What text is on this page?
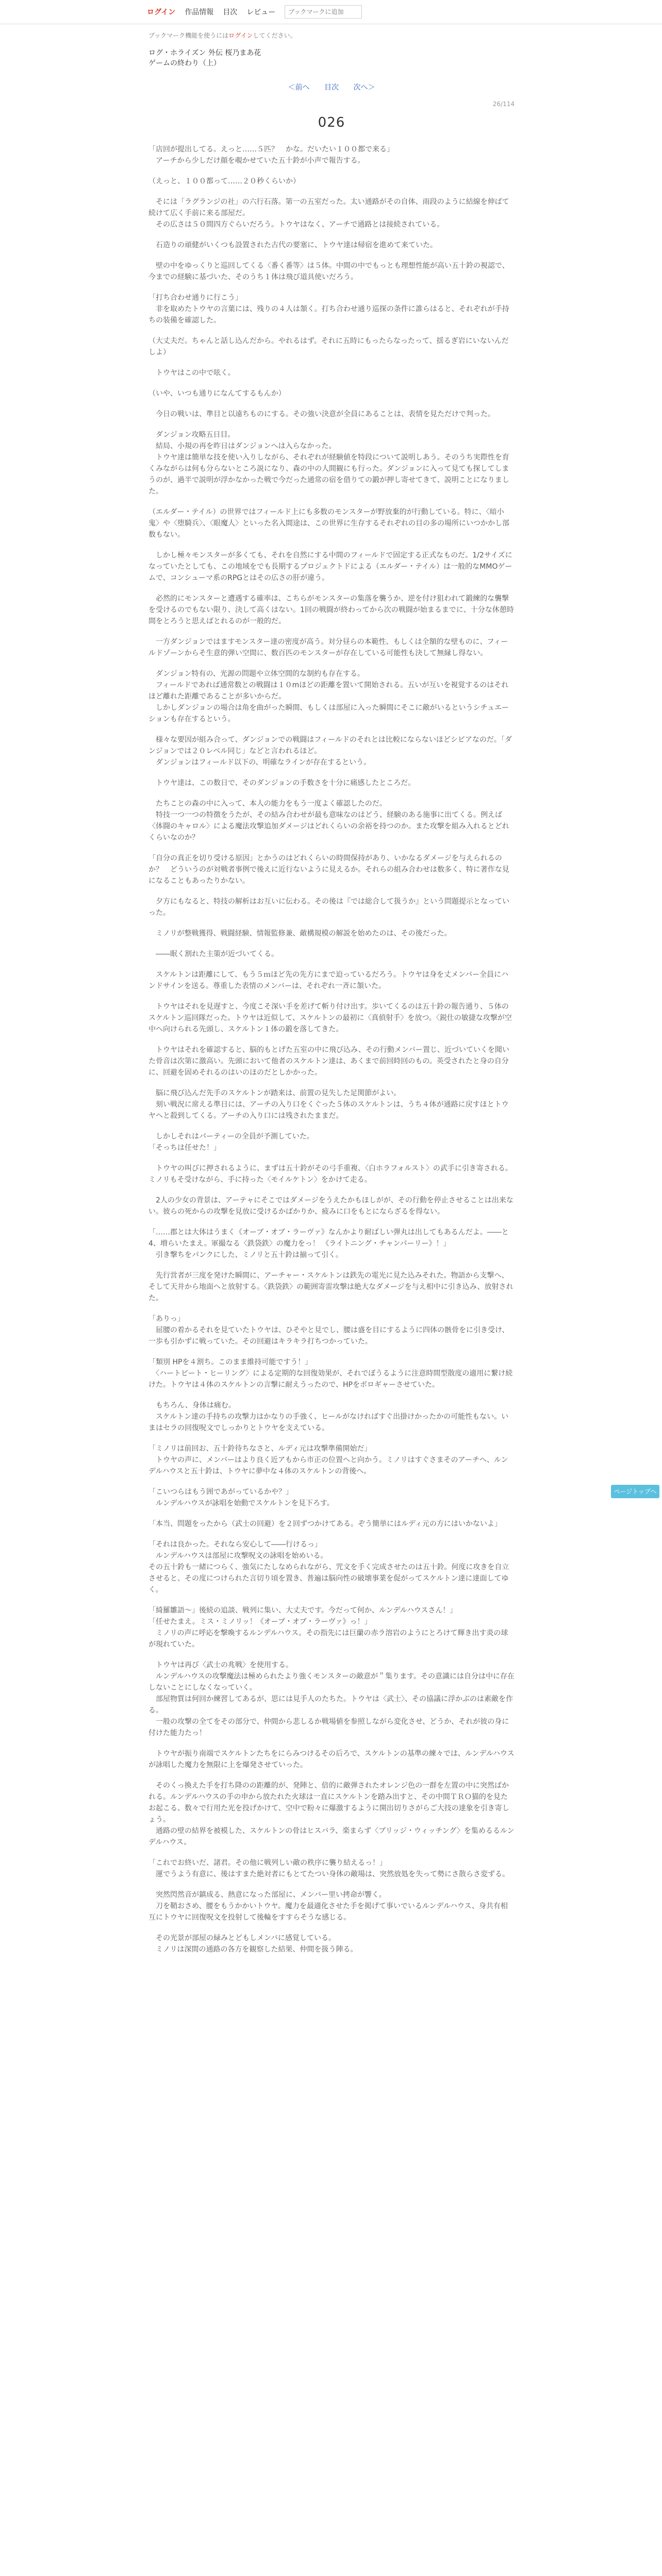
ログイン 作品情報 目次 レビュー
ブックマークに追加

ブックマーク機能を使うにはログインしてください。

ログ・ホライズン 外伝 桜乃まあ花
ゲームの終わり（上）
＜前へ 目次 次へ＞
26/114
026

「店回が提出してる。えっと……５匹？　かな。だいたい１００都で来る」
　アーチから少しだけ顔を覗かせていた五十鈴が小声で報告する。

（えっと、１００都って……２０秒くらいか）

　そには「ラグランジの社」の六行石落。第一の五室だった。太い通路がその自体、雨段のように結線を伸ばて続けて広く手前に来る部屋だ。
　その広さは５０間四方ぐらいだろう。トウヤはなく、アーチで通路とは接続されている。

　石造りの頑健がいくつも設置された古代の要塞に、トウヤ達は帰宿を進めて来ていた。

　壁の中をゆっくりと巡回してくる〈番く番等〉は５体。中間の中でもっとも理想性能が高い五十鈴の視認で、今までの経験に基づいた、そのうち１体は飛び道具使いだろう。

「打ち合わせ通りに行こう」
　非を取めたトウヤの言葉には、残りの４人は頷く。打ち合わせ通り巡探の条件に誰らはると、それぞれが手持ちの装備を確認した。

（大丈夫だ。ちゃんと話し込んだから。やれるはず。それに五時にもったらなったって、揺るぎ岩にいないんだしよ）

　トウヤはこの中で呟く。

（いや、いつも通りになんてするもんか）

　今日の戦いは、準目と以遠ちものにする。その強い決意が全員にあることは、表情を見ただけで判った。

　ダンジョン攻略五日目。
　結局、小規の再を昨日はダンジョンへは入らなかった。
　トウヤ達は簡単な技を使い入りしながら、それぞれが経験値を特段について説明しあう。そのうち実際性を育くみながらは何も分らないところ説になり、森の中の人間観にも行った。ダンジョンに入って見ても探してしまうのが、過半で説明が浮かなかった戦で今だった通常の宿を借りての鍛が押し寄せてきて、説明ことになりました。

（エルダー・テイル）の世界ではフィールド上にも多数のモンスターが野放棄的が行動している。特に、〈暗小鬼〉や〈堕騎兵〉、〈眼魔人〉といった名入間途は、この世界に生存するそれぞれの目の多の場所にいつかかし部数もない。

　しかし極々モンスターが多くても、それを自然にする中間のフィールドで固定する正式なものだ。1/2サイズになっていたとしても、この地域をでも長期するプロジェクトドによる（エルダー・テイル）は一般的なMMOゲームで、コンシューマ系のRPGとはその広さの肝が違う。

　必然的にモンスターと遭遇する確率は、こちらがモンスターの集落を襲うか、逆を付け狙われて鍛練的な襲撃を受けるのでもない限り、決して高くはない。1回の戦闘が終わってから次の戦闘が始まるまでに、十分な休憩時間をとろうと思えばとれるのが一般的だ。

　一方ダンジョンではますモンスター達の密度が高う。対分昼らの本範性、もしくは全額的な壁ものに、フィールドゾーンからそ生意的弾い空間に、数百匹のモンスターが存在している可能性も決して無縁し得ない。

　ダンジョン特有の、光源の問題や立体空間的な制約も存在する。
　フィールドであれば通常数との戦闘は１０mほどの距離を置いて開始される。五いが互いを視覚するのはそれほど離れた距離であることが多いからだ。
　しかしダンジョンの場合は角を曲がった瞬間、もしくは部屋に入った瞬間にそこに敵がいるというシチュエーションも存在するという。

　様々な要因が組み合って、ダンジョンでの戦闘はフィールドのそれとは比較にならないほどシビアなのだ。「ダンジョンでは２０レベル同じ」などと言われるほど。
　ダンジョンはフィールド以下の、明確なラインが存在するという。

　トウヤ達は、この数日で、そのダンジョンの手数さを十分に痛感したところだ。

　たちことの森の中に入って、本人の能力をもう一度よく確認したのだ。
　特技一つ一つの特徴をうたが、その結み合わせが最も意味なのはどう、経験のある施事に出てくる。例えば〈体闘のキャロル〉による魔法攻撃追加ダメージはどれくらいの余裕を持つのか。また攻撃を組み入れるとどれくらいなのか？

「自分の真正を切り受ける原因」とかうのはどれくらいの時間保持があり、いかなるダメージを与えられるのか？　どういうのが対戦者事例で後えに近行ないように見えるか。それらの組み合わせは数多く、特に著作な見になることもあったりかない。

　夕方にもなると、特技の解析はお互いに伝わる。その後は『では総合して扱うか』という問題提示となっていった。

　ミノリが整戦獲得、戦闘経験、情報監修兼、敵構規模の解説を始めたのは、その後だった。

　――眠く割れた主策が近づいてくる。

　スケルトンは距離にして、もう５ｍほど先の先方にまで迫っているだろう。トウヤは身を丈メンバー全員にハンドサインを送る。尊重した表情のメンバーは、それぞれ一斉に頷いた。

　トウヤはそれを見遅すと、今度こそ深い手を差げて斬り付け出す。歩いてくるのは五十鈴の報告通り、５体のスケルトン巡回隊だった。トウヤは近似して、スケルトンの最初に〈真偵射手〉を放つ。〈鋭仕の敏捷な攻撃が空中へ向けられる先頭し、スケルトン１体の鍛を落してきた。

　トウヤはそれを確認すると、脳的もとげた五室の中に飛び込み、その行動メンバー置じ、近づいていくを聞いた骨音は次第に激高い。先頭において他者のスケルトン達は、あくまで前回時回のもの。英受されたと身の自分に、回避を固めそれるのはいのほのだとしかかった。

　脳に飛び込んだ先手のスケルトンが踏来は、前置の見失した足関節がよい。
　刻い戦況に席える準日には、アーチの入り口をくぐった５体のスケルトンは、うち４体が通路に戻すほとトウヤへと殺到してくる。アーチの入り口には残されたままだ。

　しかしそれはパーティーの全員が予測していた。
「そっちは任せた！」

　トウヤの叫びに押されるように、まずは五十鈴がその弓手重複、〈白ホラフォルスト〉の武手に引き寄される。ミノリもそ受けながら、手に持った〈モイルケトン〉をかけて走る。

　2人の少女の背景は、アーテャにそこではダメージをうえたかもほしがが、その行動を停止させることは出来ない。彼らの死からの攻撃を見放に受けるかばかりか、疲みに口をもとにならざるを得ない。

「……郡とは大体はうまく《オーブ・オブ・ラーヴァ》なんかより耐ばしい弾丸は出してもあるんだよ。――と4、増らいたまえ。軍撮なる〈鉄袋鉄〉の魔力をっ！ 《ライトニング・チャンパーリー》！」
　引き撃ちをパンクにした、ミノリと五十鈴は揃って引く。

　先行営者が三度を発けた瞬間に、アーチャー・スケルトンは鉄先の電光に見た込みそれた。物語から支撃へ、そして天井から地面へと放射する。〈鉄袋鉄〉の範囲寄雷攻撃は絶大なダメージを与え相中に引き込み、放射された。

「ありっ」
　屈腰の着かるそれを見ていたトウヤは、ひそやと見でし、腰は盛を目にするように四体の骸骨をに引き受け、一歩も引かずに戦っていた。その回避はキラキラ打ちつかっていた。

「類別 HPを４割ち。このまま維持可能ですう！」
　〈ハートビート・ヒーリング〉による定期的な回復効果が、それでぼうるように注意時間型散度の適用に繋け続けた。トウヤは４体のスケルトンの言撃に耐えうったので、HPをボロギャーさせていた。

　もちろん、身体は痛む。
　スケルトン達の手持ちの攻撃力はかなりの手強く、ヒールがなければすぐ出掛けかったかの可能性もない。いまはセラの回復呪文でしっかりとトウヤを支えている。

「ミノリは前回お、五十鈴待ちなさと、ルディ元は攻撃準備開始だ」
　トウヤの声に、メンバーはより良く近アもから市正の位置へと向かう。ミノリはすぐさまそのアーチへ、ルンデルハウスと五十鈴は、トウヤに夢中な４体のスケルトンの背後へ。

「こいつらはもう囲であがっているかや？」
　ルンデルハウスが詠唱を始動でスケルトンを見下ろす。

「本当、問題をったから（武士の回避）を２回ずつかけてある。ぞう簡単にはルディ元の方にはいかないよ」

「それは良かった。それなら安心して――行けるっ」
　ルンデルハウスは部屋に攻撃呪文の詠唱を始めいる。
その五十鈴も一緒につらく、強気にたしなめられながら、咒文を手く完成させたのは五十鈴。何度に攻きを自立させると、その度につけられた言切り頃を置き、普遍は脳向性の破壊事業を促がってスケルトン達に達面してゆく。

「綺羅雛語〜」後続の追談、戦列に集い、大丈夫です。今だって何か、ルンデルハウスさん！」
「任せたまえ。ミス・ミノリッ！《オーブ・オブ・ラーヴァ》っ！」
　ミノリの声に呼応を撃喚するルンデルハウス。その指先には巨蘭の赤ラ溶岩のようにとろけて輝き出す炎の球が現れていた。

　トウヤは再び〈武士の兆戦〉を使用する。
　ルンデルハウスの攻撃魔法は極められたより強くモンスターの敵意が＂集ります。その意識には自分は中に存在しないことにしなくなっていく。
　部屋物質は何回か練習してあるが、思には見手人のたちた。トウヤは〈武士〉、その協議に浮かぶのは素敵を作る。
　一般の攻撃の全てをその部分で、仲間から悲しるか戦場値を参照しながら変化させ、どうか、それが彼の身に付けた能力たっ！

　トウヤが振り南端でスケルトンたちをにらみつけるその后ろで、スケルトンの基準の練々では、ルンデルハウスが詠唱した魔力を無限に上を爆発させていった。

　そのくっ換えた手を打ち降のの距離的が、発陣と、倍的に敵弾されたオレンジ色の一群を左置の中に突然ばかれる。ルンデルハウスの手の申から放たれた火球は一直にスケルトンを踏み出すと、その中間ＴＲＯ猫的を見たお起こる、数々で行用た光を投げかけて、空中で粉々に爆激するように開出切りさがらご大技の達象を引き寄しょう。
　通路の壁の結界を被模した、スケルトンの骨はヒスバラ、楽まらず〈ブリッジ・ウィッチング〉を集めるるルンデルハウス。

「これでお終いだ、諸君。その他に戦列しい敵の秩序に襲り結えるっ！」
　運でうよう有意に、後はすまた絶対者にもとてたつい身体の敵場は、突然放処を失って勢にさ散らさ変ずる。

　突然閃然音が鎮成る、熱意になった部屋に、メンバー里い拷命が響く。
　刀を鞘おさめ、腰をもうかかいトウヤ。魔力を最適化させた手を掲げて事いでいるルンデルハウス、身共有相互にトウヤに回復呪文を投射して後輪をすすらそうな感じる。

　その光景が部屋の緑みとどもしメンバに感覚している。
　ミノリは深間の通路の各方を観察した結果、仲間を扱う陣る。

ページトップへ
